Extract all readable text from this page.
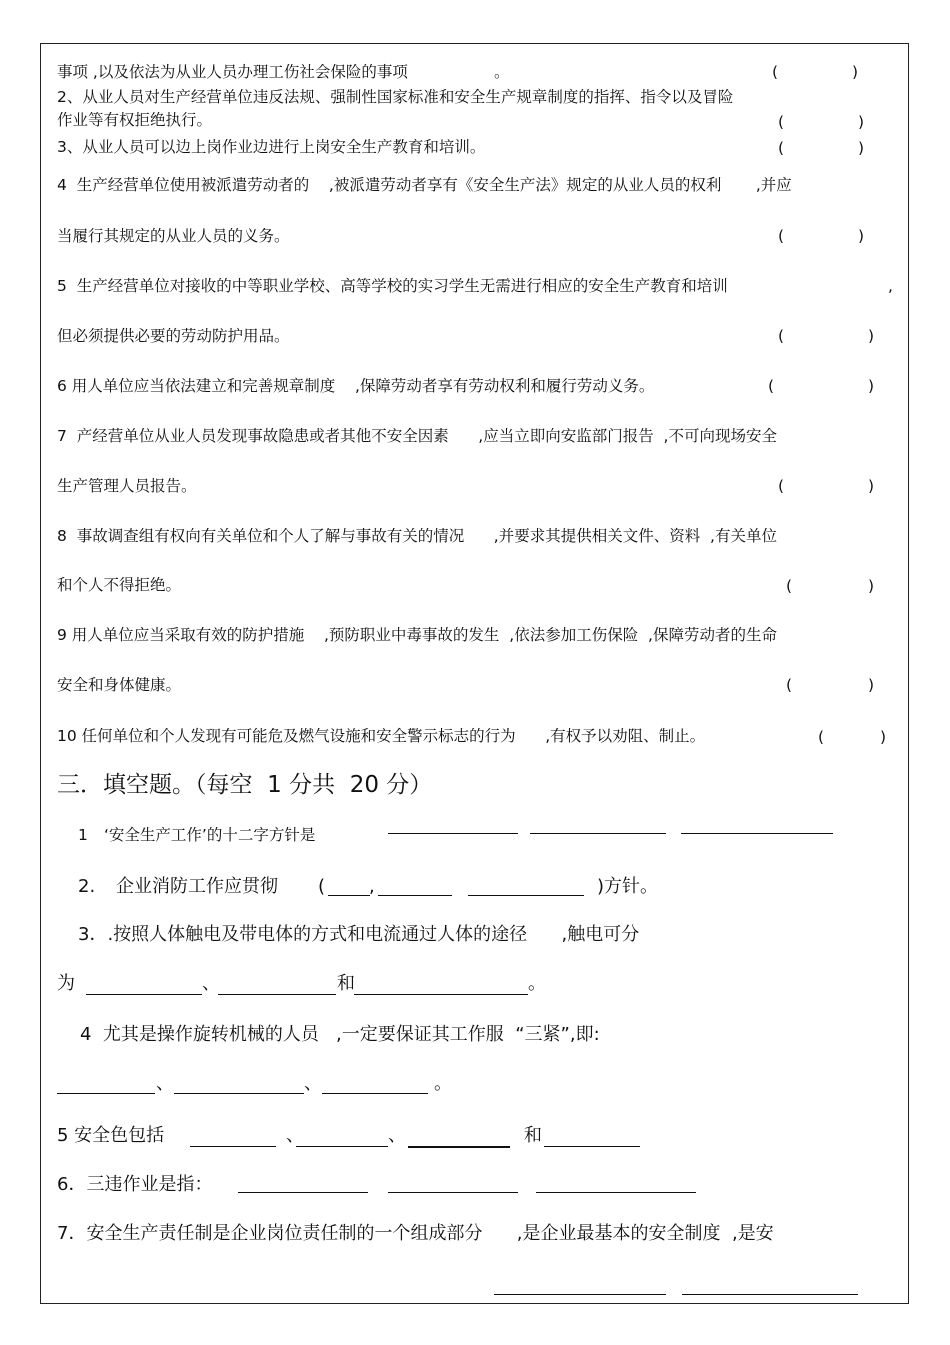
事项 ,以及依法为从业人员办理工伤社会保险的事项	。	(	)
2、从业人员对生产经营单位违反法规、强制性国家标准和安全生产规章制度的指挥、指令以及冒险
作业等有权拒绝执行。	(	)
3、从业人员可以边上岗作业边进行上岗安全生产教育和培训。	(	)
4  生产经营单位使用被派遣劳动者的    ,被派遣劳动者享有《安全生产法》规定的从业人员的权利       ,并应
当履行其规定的从业人员的义务。	(	)
5  生产经营单位对接收的中等职业学校、高等学校的实习学生无需进行相应的安全生产教育和培训	,
但必须提供必要的劳动防护用品。	(	)
6 用人单位应当依法建立和完善规章制度    ,保障劳动者享有劳动权利和履行劳动义务。	(	)
7  产经营单位从业人员发现事故隐患或者其他不安全因素      ,应当立即向安监部门报告  ,不可向现场安全
生产管理人员报告。	(	)
8  事故调查组有权向有关单位和个人了解与事故有关的情况      ,并要求其提供相关文件、资料  ,有关单位
和个人不得拒绝。	(	)
9 用人单位应当采取有效的防护措施    ,预防职业中毒事故的发生  ,依法参加工伤保险  ,保障劳动者的生命
安全和身体健康。	(	)
10 任何单位和个人发现有可能危及燃气设施和安全警示标志的行为      ,有权予以劝阻、制止。	(	)
三．填空题。（每空  1 分共  20 分）
1 ‘安全生产工作’的十二字方针是
2. 企业消防工作应贯彻 ( ,	)方针。
3．.按照人体触电及带电体的方式和电流通过人体的途径      ,触电可分
为	、	和	。
4  尤其是操作旋转机械的人员   ,一定要保证其工作服  “三紧”,即:
、	、	。
5 安全色包括	、	、	和
6．三违作业是指：
7．安全生产责任制是企业岗位责任制的一个组成部分      ,是企业最基本的安全制度  ,是安
